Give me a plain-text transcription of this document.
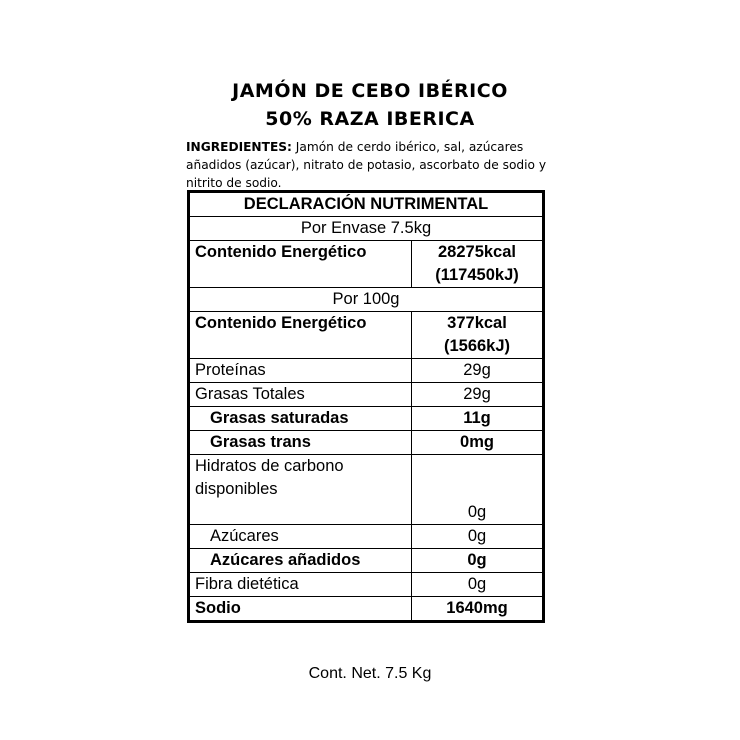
JAMÓN DE CEBO IBÉRICO
50% RAZA IBERICA
INGREDIENTES: Jamón de cerdo ibérico, sal, azúcares añadidos (azúcar), nitrato de potasio, ascorbato de sodio y nitrito de sodio.
DECLARACIÓN NUTRIMENTAL	
Por Envase 7.5kg	
Contenido Energético	28275kcal
(117450kJ)

Por 100g	
Contenido Energético	377kcal
(1566kJ)

Proteínas	29g
Grasas Totales	29g
Grasas saturadas	11g
Grasas trans	0mg

Hidratos de carbono
disponibles	0g
Azúcares	0g
Azúcares añadidos	0g
Fibra dietética	0g
Sodio	1640mg
Cont. Net. 7.5 Kg
